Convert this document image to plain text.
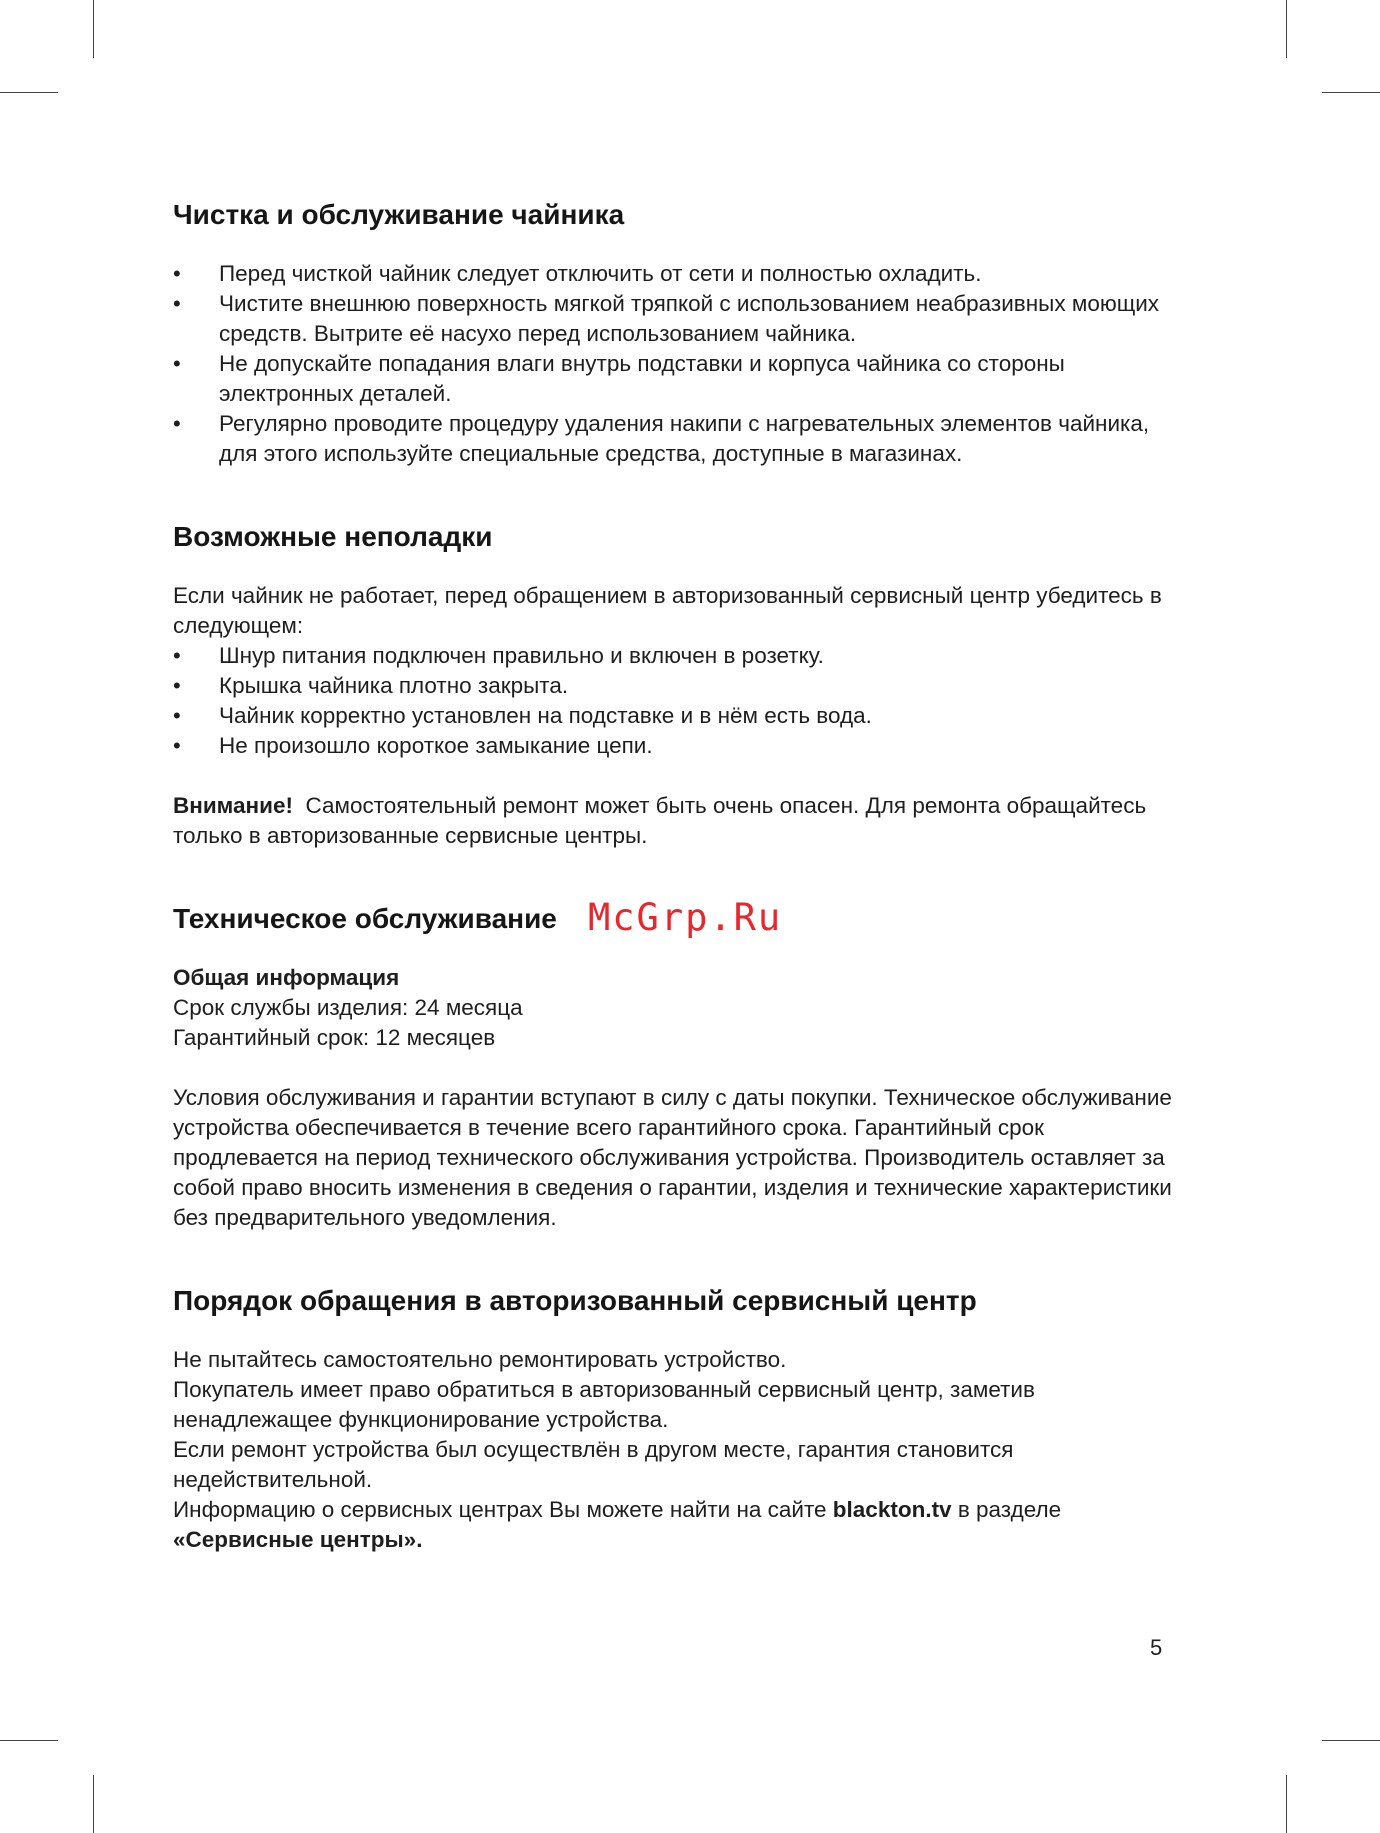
Чистка и обслуживание чайника
•	Перед чисткой чайник следует отключить от сети и полностью охладить.
•	Чистите внешнюю поверхность мягкой тряпкой с использованием неабразивных моющих средств. Вытрите её насухо перед использованием чайника.
•	Не допускайте попадания влаги внутрь подставки и корпуса чайника со стороны электронных деталей.
•	Регулярно проводите процедуру удаления накипи с нагревательных элементов чайника, для этого используйте специальные средства, доступные в магазинах.
Возможные неполадки

Если чайник не работает, перед обращением в авторизованный сервисный центр убедитесь в следующем:

•	Шнур питания подключен правильно и включен в розетку.
•	Крышка чайника плотно закрыта.
•	Чайник корректно установлен на подставке и в нём есть вода.
•	Не произошло короткое замыкание цепи.

Внимание! Самостоятельный ремонт может быть очень опасен. Для ремонта обращайтесь только в авторизованные сервисные центры.

Техническое обслуживание

Общая информация

Срок службы изделия: 24 месяца

Гарантийный срок: 12 месяцев

Условия обслуживания и гарантии вступают в силу с даты покупки. Техническое обслуживание устройства обеспечивается в течение всего гарантийного срока. Гарантийный срок продлевается на период технического обслуживания устройства. Производитель оставляет за собой право вносить изменения в сведения о гарантии, изделия и технические характеристики без предварительного уведомления.

Порядок обращения в авторизованный сервисный центр

Не пытайтесь самостоятельно ремонтировать устройство.

Покупатель имеет право обратиться в авторизованный сервисный центр, заметив ненадлежащее функционирование устройства.

Если ремонт устройства был осуществлён в другом месте, гарантия становится недействительной.

Информацию о сервисных центрах Вы можете найти на сайте blackton.tv в разделе «Сервисные центры».

McGrp.Ru
5
